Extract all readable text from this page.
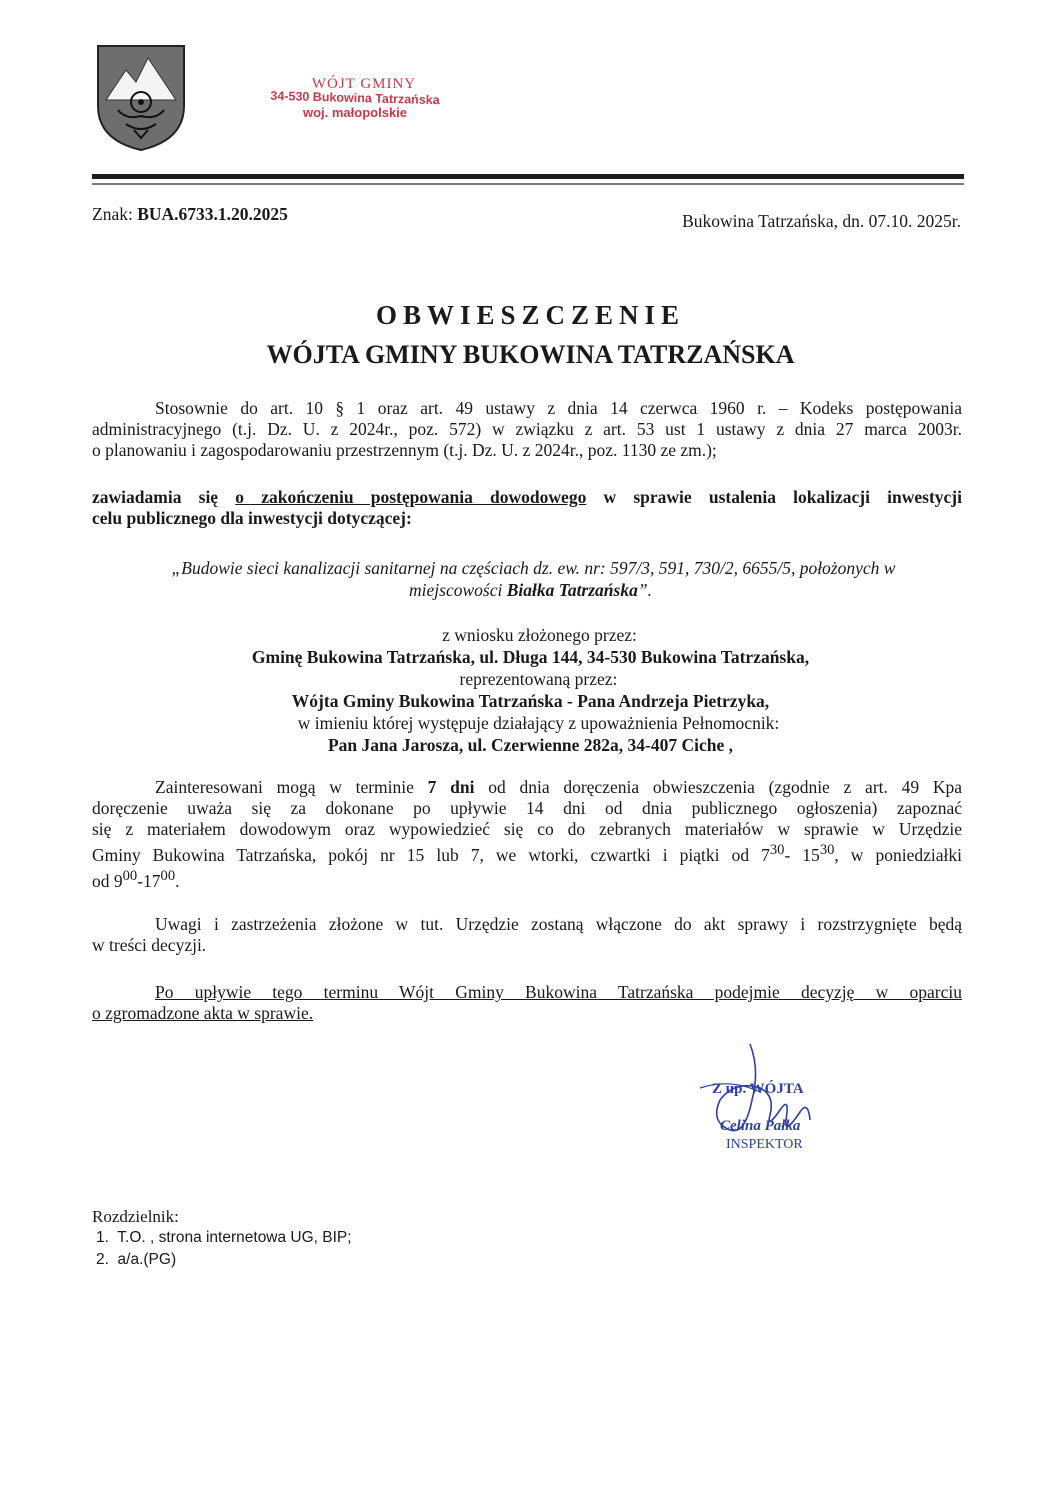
WÓJT GMINY
34-530 Bukowina Tatrzańska
woj. małopolskie
Znak: BUA.6733.1.20.2025	Bukowina Tatrzańska, dn. 07.10. 2025r.
OBWIESZCZENIE
WÓJTA GMINY BUKOWINA TATRZAŃSKA
Stosownie do art. 10 § 1 oraz art. 49 ustawy z dnia 14 czerwca 1960 r. – Kodeks postępowania
administracyjnego (t.j. Dz. U. z 2024r., poz. 572) w związku z art. 53 ust 1 ustawy z dnia 27 marca 2003r.
o planowaniu i zagospodarowaniu przestrzennym (t.j. Dz. U. z 2024r., poz. 1130 ze zm.);
zawiadamia się o zakończeniu postępowania dowodowego w sprawie ustalenia lokalizacji inwestycji
celu publicznego dla inwestycji dotyczącej:
„Budowie sieci kanalizacji sanitarnej na częściach dz. ew. nr: 597/3, 591, 730/2, 6655/5, położonych w
miejscowości Białka Tatrzańska”.
z wniosku złożonego przez:
Gminę Bukowina Tatrzańska, ul. Długa 144, 34-530 Bukowina Tatrzańska,
reprezentowaną przez:
Wójta Gminy Bukowina Tatrzańska - Pana Andrzeja Pietrzyka,
w imieniu której występuje działający z upoważnienia Pełnomocnik:
Pan Jana Jarosza, ul. Czerwienne 282a, 34-407 Ciche ,
Zainteresowani mogą w terminie 7 dni od dnia doręczenia obwieszczenia (zgodnie z art. 49 Kpa
doręczenie uważa się za dokonane po upływie 14 dni od dnia publicznego ogłoszenia) zapoznać
się z materiałem dowodowym oraz wypowiedzieć się co do zebranych materiałów w sprawie w Urzędzie
Gminy Bukowina Tatrzańska, pokój nr 15 lub 7, we wtorki, czwartki i piątki od $7^{30}-$ $15^{30}$, w poniedziałki
od $9^{00}-17^{00}$.
Uwagi i zastrzeżenia złożone w tut. Urzędzie zostaną włączone do akt sprawy i rozstrzygnięte będą
w treści decyzji.
Po upływie tego terminu Wójt Gminy Bukowina Tatrzańska podejmie decyzję w oparciu
o zgromadzone akta w sprawie.
Z up. WÓJTA
Celina Pałka
INSPEKTOR
Rozdzielnik:
1.  T.O. , strona internetowa UG, BIP;
2.  a/a.(PG)
